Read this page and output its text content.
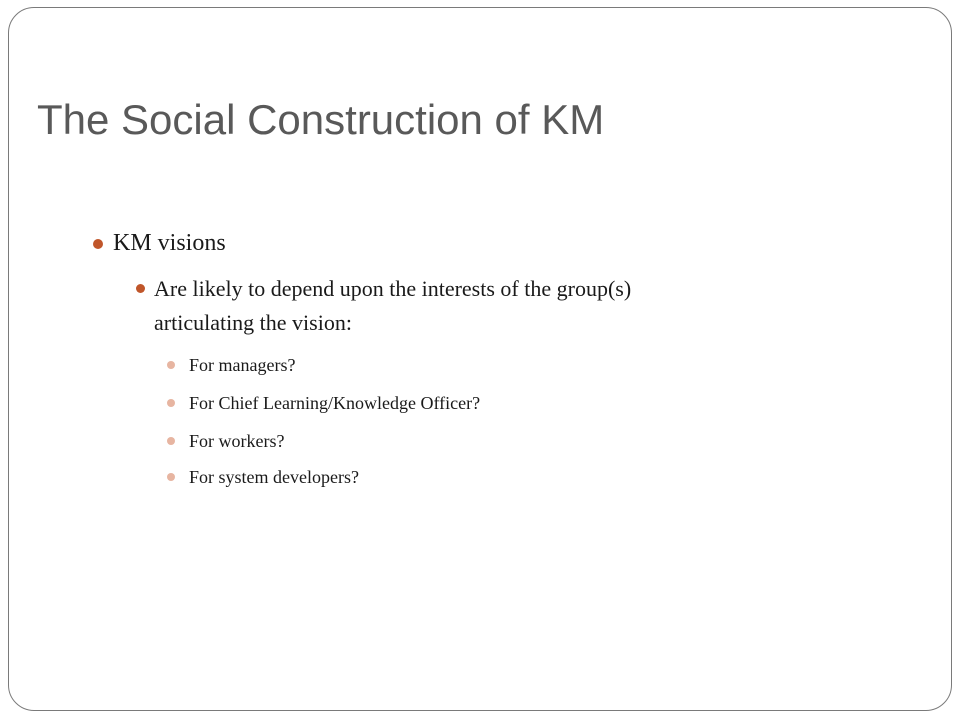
The Social Construction of KM
KM visions
Are likely to depend upon the interests of the group(s)
articulating the vision:
For managers?
For Chief Learning/Knowledge Officer?
For workers?
For system developers?
